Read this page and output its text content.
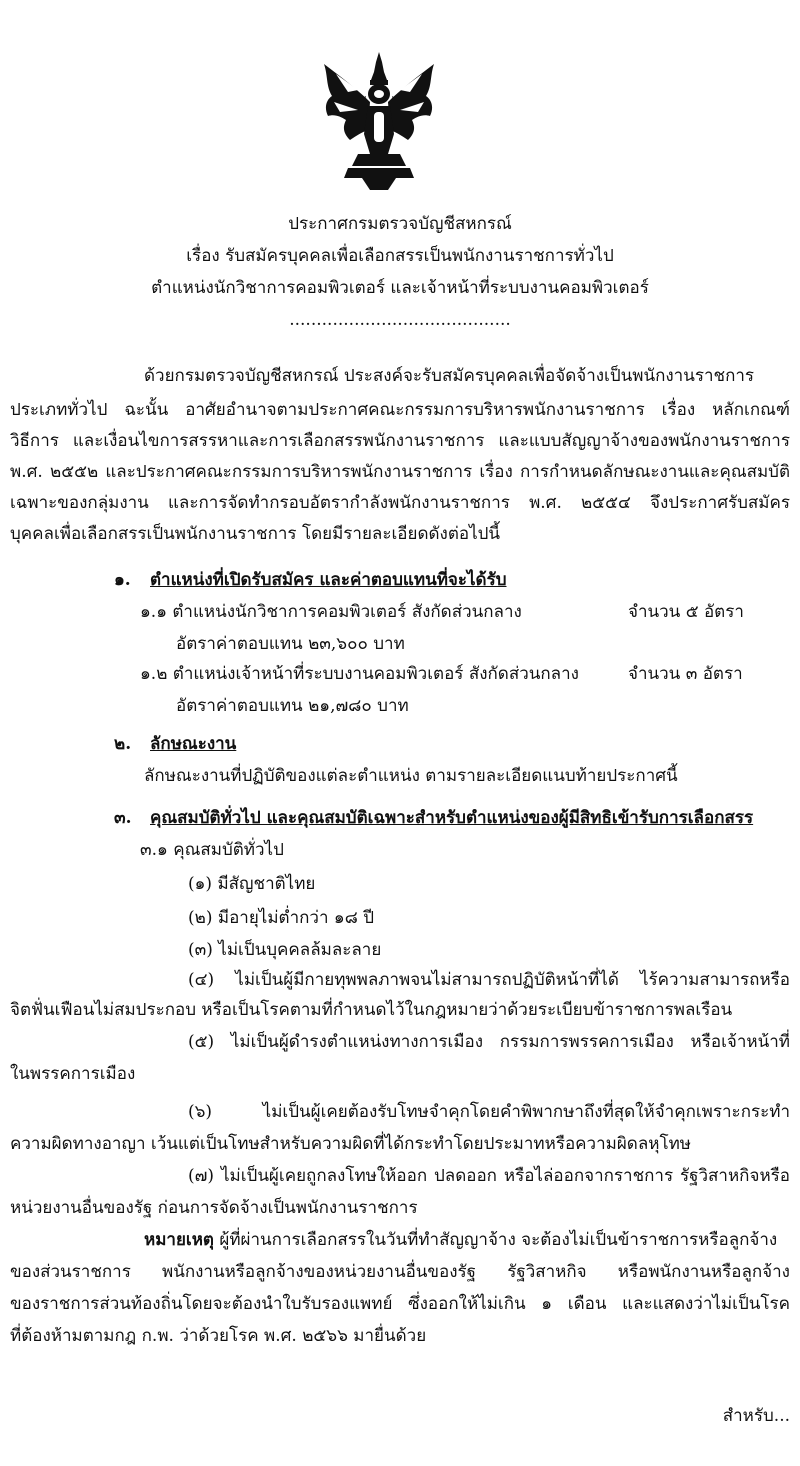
ประกาศกรมตรวจบัญชีสหกรณ์
เรื่อง รับสมัครบุคคลเพื่อเลือกสรรเป็นพนักงานราชการทั่วไป
ตำแหน่งนักวิชาการคอมพิวเตอร์ และเจ้าหน้าที่ระบบงานคอมพิวเตอร์
.........................................
ด้วยกรมตรวจบัญชีสหกรณ์ ประสงค์จะรับสมัครบุคคลเพื่อจัดจ้างเป็นพนักงานราชการ
ประเภททั่วไป ฉะนั้น อาศัยอำนาจตามประกาศคณะกรรมการบริหารพนักงานราชการ เรื่อง หลักเกณฑ์
วิธีการ และเงื่อนไขการสรรหาและการเลือกสรรพนักงานราชการ และแบบสัญญาจ้างของพนักงานราชการ
พ.ศ. ๒๕๕๒ และประกาศคณะกรรมการบริหารพนักงานราชการ เรื่อง การกำหนดลักษณะงานและคุณสมบัติ
เฉพาะของกลุ่มงาน และการจัดทำกรอบอัตรากำลังพนักงานราชการ พ.ศ. ๒๕๕๔ จึงประกาศรับสมัคร
บุคคลเพื่อเลือกสรรเป็นพนักงานราชการ โดยมีรายละเอียดดังต่อไปนี้
๑. ตำแหน่งที่เปิดรับสมัคร และค่าตอบแทนที่จะได้รับ
๑.๑ ตำแหน่งนักวิชาการคอมพิวเตอร์ สังกัดส่วนกลาง	จำนวน ๕ อัตรา
อัตราค่าตอบแทน ๒๓,๖๐๐ บาท
๑.๒ ตำแหน่งเจ้าหน้าที่ระบบงานคอมพิวเตอร์ สังกัดส่วนกลาง	จำนวน ๓ อัตรา
อัตราค่าตอบแทน ๒๑,๗๘๐ บาท
๒. ลักษณะงาน
ลักษณะงานที่ปฏิบัติของแต่ละตำแหน่ง ตามรายละเอียดแนบท้ายประกาศนี้
๓. คุณสมบัติทั่วไป และคุณสมบัติเฉพาะสำหรับตำแหน่งของผู้มีสิทธิเข้ารับการเลือกสรร
๓.๑ คุณสมบัติทั่วไป
(๑) มีสัญชาติไทย
(๒) มีอายุไม่ต่ำกว่า ๑๘ ปี
(๓) ไม่เป็นบุคคลล้มละลาย
(๔) ไม่เป็นผู้มีกายทุพพลภาพจนไม่สามารถปฏิบัติหน้าที่ได้ ไร้ความสามารถหรือ
จิตฟั่นเฟือนไม่สมประกอบ หรือเป็นโรคตามที่กำหนดไว้ในกฎหมายว่าด้วยระเบียบข้าราชการพลเรือน
(๕) ไม่เป็นผู้ดำรงตำแหน่งทางการเมือง กรรมการพรรคการเมือง หรือเจ้าหน้าที่
ในพรรคการเมือง
(๖) ไม่เป็นผู้เคยต้องรับโทษจำคุกโดยคำพิพากษาถึงที่สุดให้จำคุกเพราะกระทำ
ความผิดทางอาญา เว้นแต่เป็นโทษสำหรับความผิดที่ได้กระทำโดยประมาทหรือความผิดลหุโทษ
(๗) ไม่เป็นผู้เคยถูกลงโทษให้ออก ปลดออก หรือไล่ออกจากราชการ รัฐวิสาหกิจหรือ
หน่วยงานอื่นของรัฐ ก่อนการจัดจ้างเป็นพนักงานราชการ
หมายเหตุ ผู้ที่ผ่านการเลือกสรรในวันที่ทำสัญญาจ้าง จะต้องไม่เป็นข้าราชการหรือลูกจ้าง
ของส่วนราชการ พนักงานหรือลูกจ้างของหน่วยงานอื่นของรัฐ รัฐวิสาหกิจ หรือพนักงานหรือลูกจ้าง
ของราชการส่วนท้องถิ่นโดยจะต้องนำใบรับรองแพทย์ ซึ่งออกให้ไม่เกิน ๑ เดือน และแสดงว่าไม่เป็นโรค
ที่ต้องห้ามตามกฎ ก.พ. ว่าด้วยโรค พ.ศ. ๒๕๖๖ มายื่นด้วย
สำหรับ...
